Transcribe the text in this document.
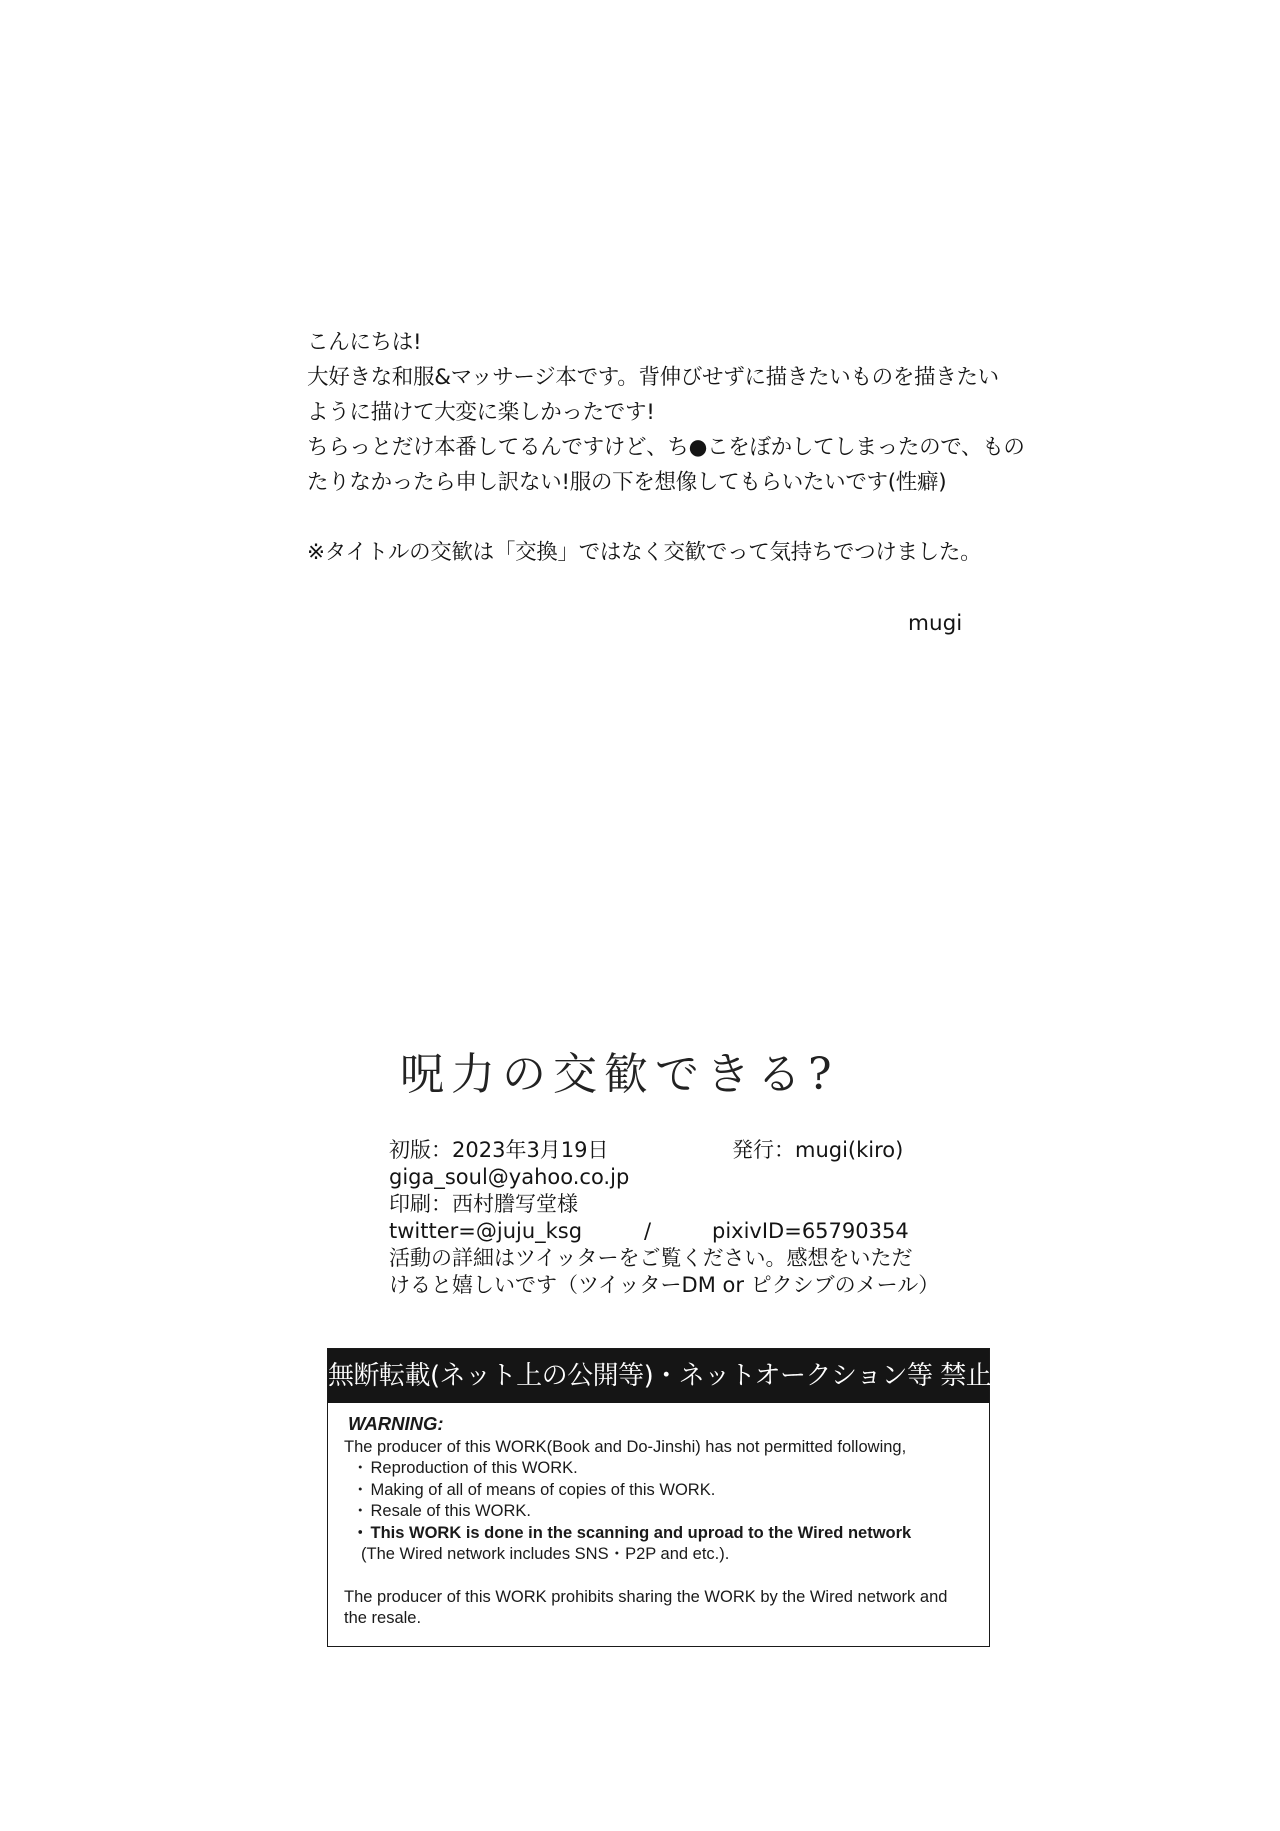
こんにちは!

大好きな和服&マッサージ本です。背伸びせずに描きたいものを描きたい

ように描けて大変に楽しかったです!

ちらっとだけ本番してるんですけど、ち●こをぼかしてしまったので、もの

たりなかったら申し訳ない!服の下を想像してもらいたいです(性癖)

※タイトルの交歓は「交換」ではなく交歓でって気持ちでつけました。

mugi
呪力の交歓できる?
初版：2023年3月19日	発行：mugi(kiro)
giga_soul@yahoo.co.jp
印刷：西村謄写堂様
twitter=@juju_ksg	/	pixivID=65790354
活動の詳細はツイッターをご覧ください。感想をいただけると嬉しいです（ツイッターDM or ピクシブのメール）
無断転載(ネット上の公開等)・ネットオークション等 禁止
WARNING:

The producer of this WORK(Book and Do-Jinshi) has not permitted following,

・ Reproduction of this WORK.
・ Making of all of means of copies of this WORK.
・ Resale of this WORK.
・ This WORK is done in the scanning and uproad to the Wired network
(The Wired network includes SNS・P2P and etc.).

The producer of this WORK prohibits sharing the WORK by the Wired network and the resale.
